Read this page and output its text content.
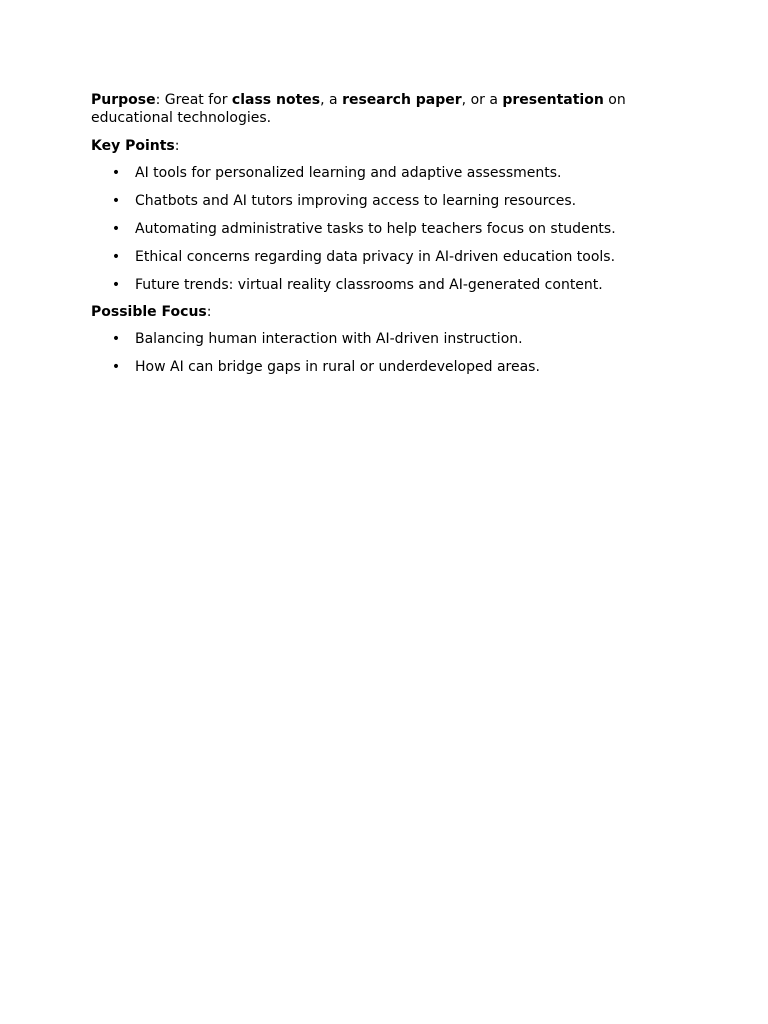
Purpose: Great for class notes, a research paper, or a presentation on educational technologies.

Key Points:

• AI tools for personalized learning and adaptive assessments.
• Chatbots and AI tutors improving access to learning resources.
• Automating administrative tasks to help teachers focus on students.
• Ethical concerns regarding data privacy in AI-driven education tools.
• Future trends: virtual reality classrooms and AI-generated content.

Possible Focus:

• Balancing human interaction with AI-driven instruction.
• How AI can bridge gaps in rural or underdeveloped areas.
